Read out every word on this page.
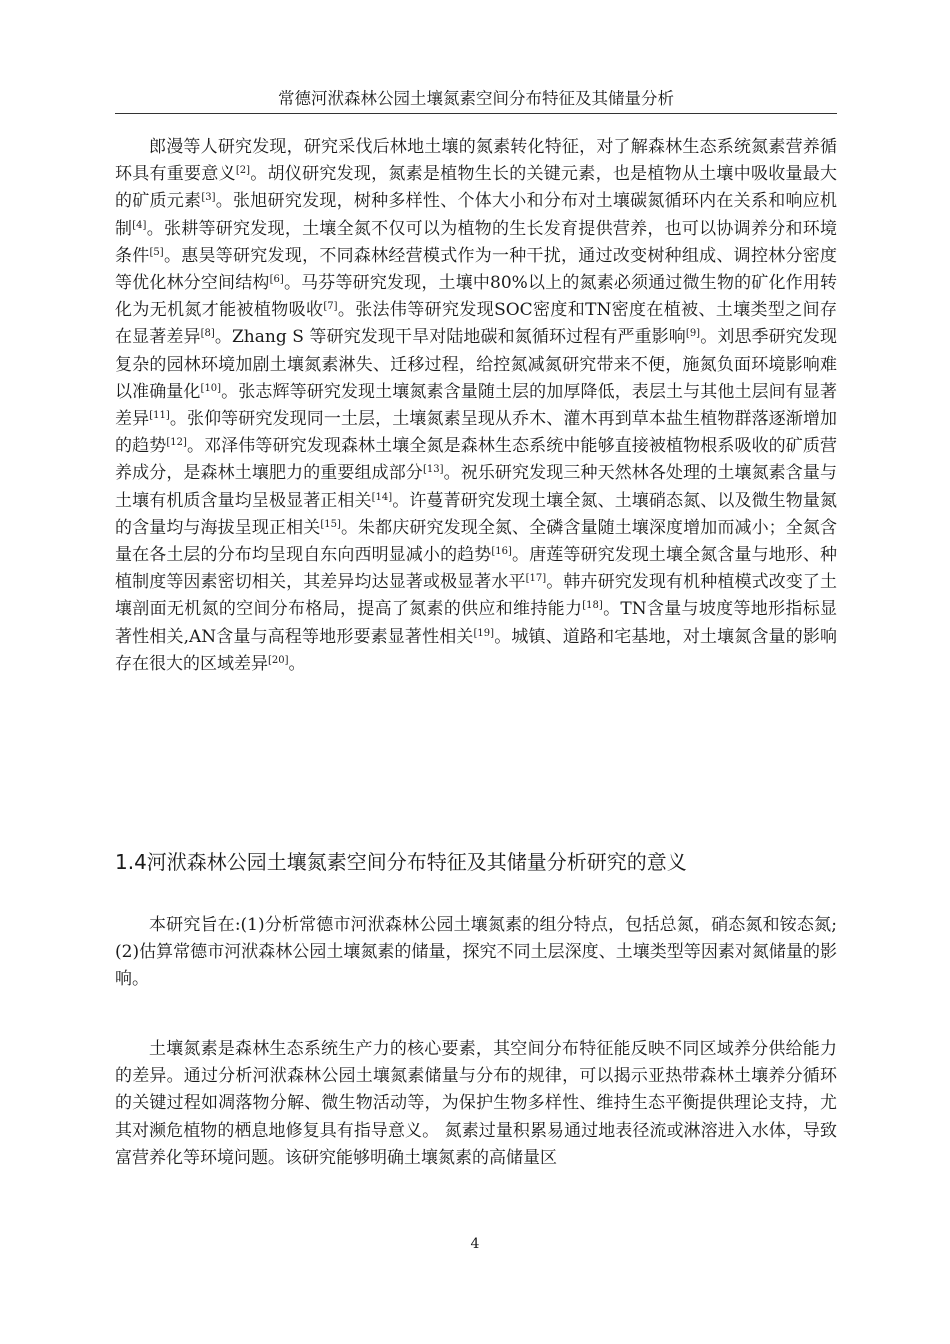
常德河洑森林公园土壤氮素空间分布特征及其储量分析

郎漫等人研究发现，研究采伐后林地土壤的氮素转化特征，对了解森林生态系统氮素营养循环具有重要意义[2]。胡仪研究发现，氮素是植物生长的关键元素，也是植物从土壤中吸收量最大的矿质元素[3]。张旭研究发现，树种多样性、个体大小和分布对土壤碳氮循环内在关系和响应机制[4]。张耕等研究发现，土壤全氮不仅可以为植物的生长发育提供营养，也可以协调养分和环境条件[5]。惠昊等研究发现，不同森林经营模式作为一种干扰，通过改变树种组成、调控林分密度等优化林分空间结构[6]。马芬等研究发现，土壤中80%以上的氮素必须通过微生物的矿化作用转化为无机氮才能被植物吸收[7]。张法伟等研究发现SOC密度和TN密度在植被、土壤类型之间存在显著差异[8]。Zhang S 等研究发现干旱对陆地碳和氮循环过程有严重影响[9]。刘思季研究发现复杂的园林环境加剧土壤氮素淋失、迁移过程，给控氮减氮研究带来不便，施氮负面环境影响难以准确量化[10]。张志辉等研究发现土壤氮素含量随土层的加厚降低，表层土与其他土层间有显著差异[11]。张仰等研究发现同一土层，土壤氮素呈现从乔木、灌木再到草本盐生植物群落逐渐增加的趋势[12]。邓泽伟等研究发现森林土壤全氮是森林生态系统中能够直接被植物根系吸收的矿质营养成分，是森林土壤肥力的重要组成部分[13]。祝乐研究发现三种天然林各处理的土壤氮素含量与土壤有机质含量均呈极显著正相关[14]。许蔓菁研究发现土壤全氮、土壤硝态氮、以及微生物量氮的含量均与海拔呈现正相关[15]。朱都庆研究发现全氮、全磷含量随土壤深度增加而减小；全氮含量在各土层的分布均呈现自东向西明显减小的趋势[16]。唐莲等研究发现土壤全氮含量与地形、种植制度等因素密切相关，其差异均达显著或极显著水平[17]。韩卉研究发现有机种植模式改变了土壤剖面无机氮的空间分布格局，提高了氮素的供应和维持能力[18]。TN含量与坡度等地形指标显著性相关,AN含量与高程等地形要素显著性相关[19]。城镇、道路和宅基地，对土壤氮含量的影响存在很大的区域差异[20]。

1.4河洑森林公园土壤氮素空间分布特征及其储量分析研究的意义

本研究旨在:(1)分析常德市河洑森林公园土壤氮素的组分特点，包括总氮，硝态氮和铵态氮;(2)估算常德市河洑森林公园土壤氮素的储量，探究不同土层深度、土壤类型等因素对氮储量的影响。

土壤氮素是森林生态系统生产力的核心要素，其空间分布特征能反映不同区域养分供给能力的差异。通过分析河洑森林公园土壤氮素储量与分布的规律，可以揭示亚热带森林土壤养分循环的关键过程如凋落物分解、微生物活动等，为保护生物多样性、维持生态平衡提供理论支持，尤其对濒危植物的栖息地修复具有指导意义。 氮素过量积累易通过地表径流或淋溶进入水体，导致富营养化等环境问题。该研究能够明确土壤氮素的高储量区

4
